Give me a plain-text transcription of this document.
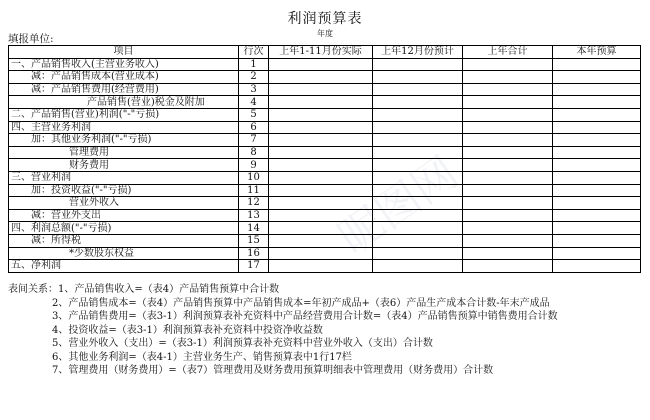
昵图网
利润预算表
年度
填报单位:
项目	行次	上年1-11月份实际	上年12月份预计	上年合计	本年预算
一、产品销售收入(主营业务收入)	1				
减：产品销售成本(营业成本)	2				
减：产品销售费用(经营费用)	3				
产品销售(营业)税金及附加	4				
二、产品销售(营业)利润("-"亏损)	5				
四、主营业务利润	6				
加：其他业务利润("-"亏损)	7				
管理费用	8				
财务费用	9				
三、营业利润	10				
加：投资收益("-"亏损)	11				
营业外收入	12				
减：营业外支出	13				
四、利润总额("-"亏损)	14				
减：所得税	15				
*少数股东权益	16				
五、净利润	17				
表间关系：1、产品销售收入=（表4）产品销售预算中合计数
2、产品销售成本=（表4）产品销售预算中产品销售成本=年初产成品+（表6）产品生产成本合计数-年末产成品
3、产品销售费用=（表3-1）利润预算表补充资料中产品经营费用合计数=（表4）产品销售预算中销售费用合计数
4、投资收益=（表3-1）利润预算表补充资料中投资净收益数
5、营业外收入（支出）=（表3-1）利润预算表补充资料中营业外收入（支出）合计数
6、其他业务利润=（表4-1）主营业务生产、销售预算表中1行17栏
7、管理费用（财务费用）=（表7）管理费用及财务费用预算明细表中管理费用（财务费用）合计数
